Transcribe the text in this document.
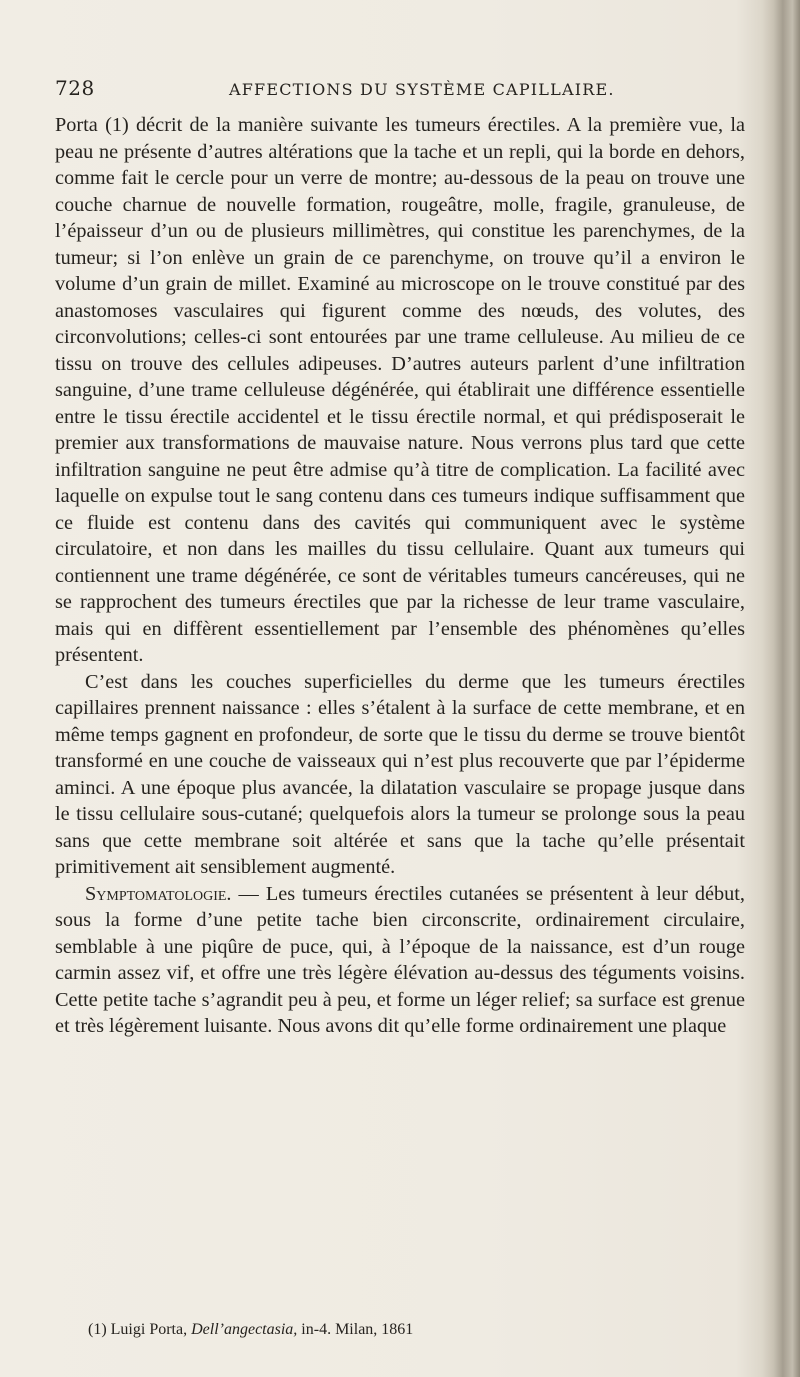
728	AFFECTIONS DU SYSTÈME CAPILLAIRE.

Porta (1) décrit de la manière suivante les tumeurs érectiles. A la première vue, la peau ne présente d’autres altérations que la tache et un repli, qui la borde en dehors, comme fait le cercle pour un verre de montre; au-dessous de la peau on trouve une couche charnue de nouvelle formation, rougeâtre, molle, fragile, granuleuse, de l’épaisseur d’un ou de plusieurs millimètres, qui constitue les parenchymes, de la tumeur; si l’on enlève un grain de ce parenchyme, on trouve qu’il a environ le volume d’un grain de millet. Examiné au microscope on le trouve constitué par des anastomoses vasculaires qui figurent comme des nœuds, des volutes, des circonvolutions; celles-ci sont entourées par une trame celluleuse. Au milieu de ce tissu on trouve des cellules adipeuses. D’autres auteurs parlent d’une infiltration sanguine, d’une trame celluleuse dégénérée, qui établirait une différence essentielle entre le tissu érectile accidentel et le tissu érectile normal, et qui prédisposerait le premier aux transformations de mauvaise nature. Nous verrons plus tard que cette infiltration sanguine ne peut être admise qu’à titre de complication. La facilité avec laquelle on expulse tout le sang contenu dans ces tumeurs indique suffisamment que ce fluide est contenu dans des cavités qui communiquent avec le système circulatoire, et non dans les mailles du tissu cellulaire. Quant aux tumeurs qui contiennent une trame dégénérée, ce sont de véritables tumeurs cancéreuses, qui ne se rapprochent des tumeurs érectiles que par la richesse de leur trame vasculaire, mais qui en diffèrent essentiellement par l’ensemble des phénomènes qu’elles présentent.

C’est dans les couches superficielles du derme que les tumeurs érectiles capillaires prennent naissance : elles s’étalent à la surface de cette membrane, et en même temps gagnent en profondeur, de sorte que le tissu du derme se trouve bientôt transformé en une couche de vaisseaux qui n’est plus recouverte que par l’épiderme aminci. A une époque plus avancée, la dilatation vasculaire se propage jusque dans le tissu cellulaire sous-cutané; quelquefois alors la tumeur se prolonge sous la peau sans que cette membrane soit altérée et sans que la tache qu’elle présentait primitivement ait sensiblement augmenté.

Symptomatologie. — Les tumeurs érectiles cutanées se présentent à leur début, sous la forme d’une petite tache bien circonscrite, ordinairement circulaire, semblable à une piqûre de puce, qui, à l’époque de la naissance, est d’un rouge carmin assez vif, et offre une très légère élévation au-dessus des téguments voisins. Cette petite tache s’agrandit peu à peu, et forme un léger relief; sa surface est grenue et très légèrement luisante. Nous avons dit qu’elle forme ordinairement une plaque

(1) Luigi Porta, Dell’angectasia, in-4. Milan, 1861
